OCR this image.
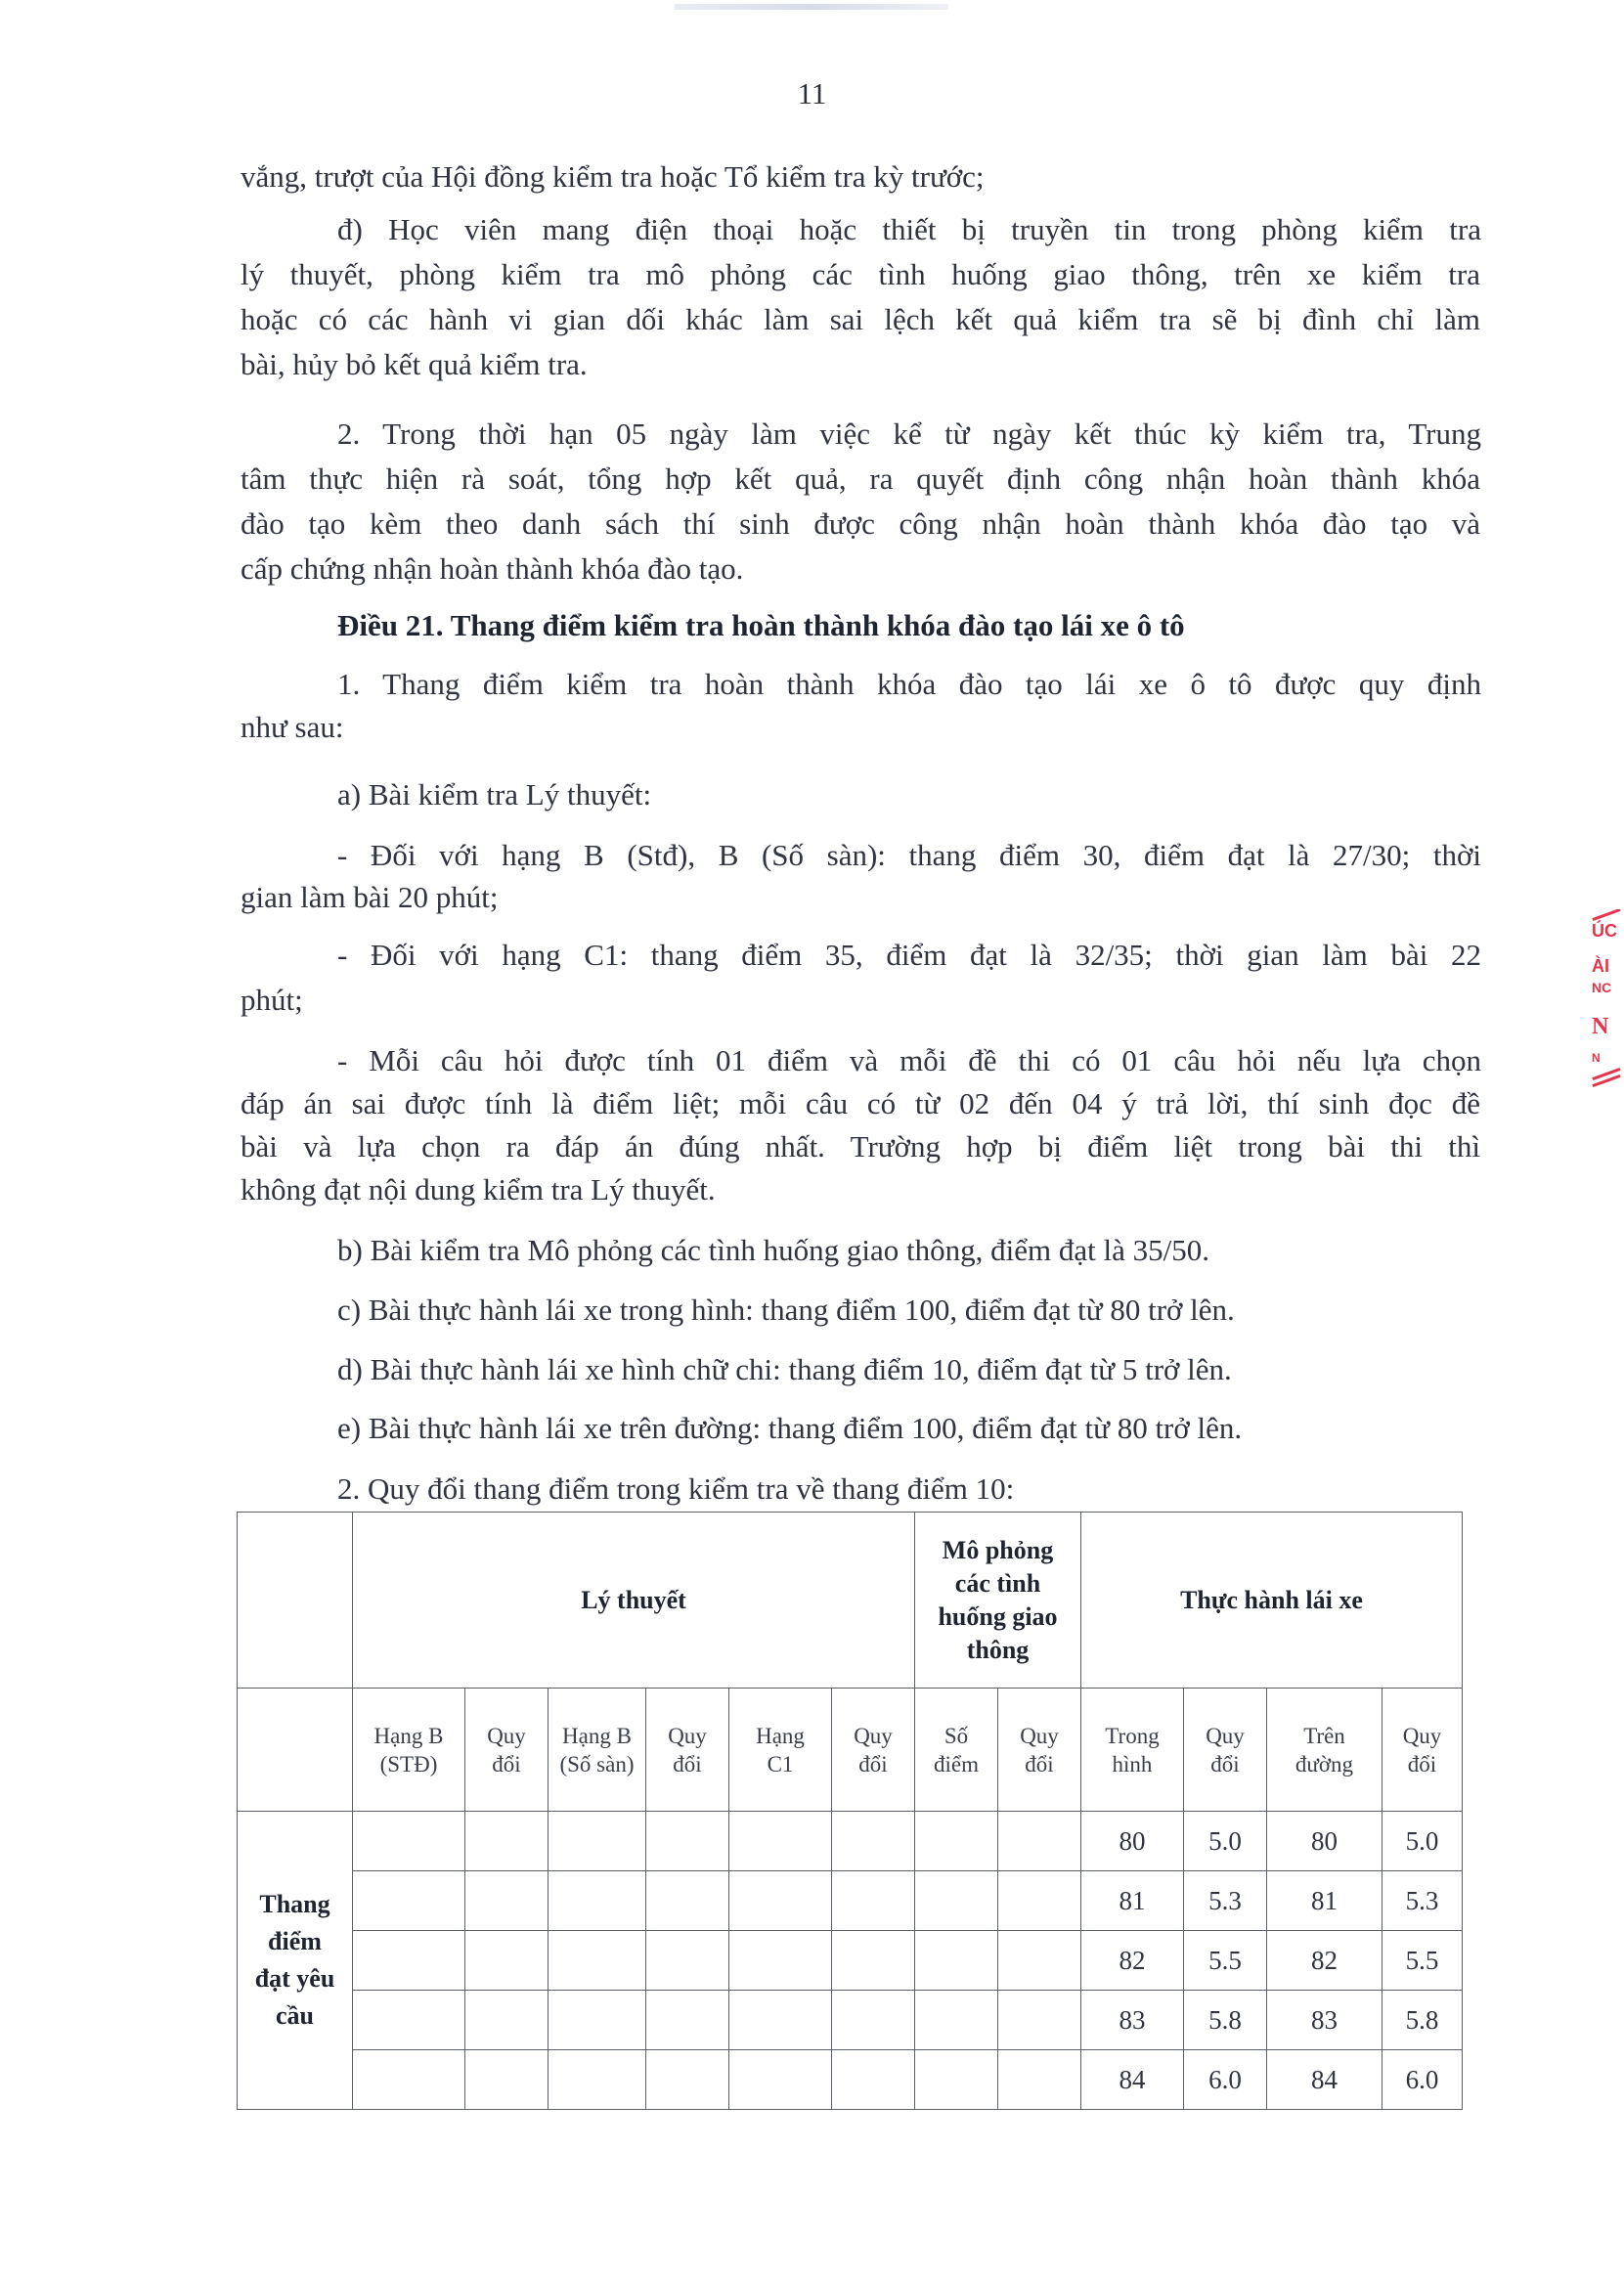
11
vắng, trượt của Hội đồng kiểm tra hoặc Tổ kiểm tra kỳ trước;
đ) Học viên mang điện thoại hoặc thiết bị truyền tin trong phòng kiểm tra
lý thuyết, phòng kiểm tra mô phỏng các tình huống giao thông, trên xe kiểm tra
hoặc có các hành vi gian dối khác làm sai lệch kết quả kiểm tra sẽ bị đình chỉ làm
bài, hủy bỏ kết quả kiểm tra.
2. Trong thời hạn 05 ngày làm việc kể từ ngày kết thúc kỳ kiểm tra, Trung
tâm thực hiện rà soát, tổng hợp kết quả, ra quyết định công nhận hoàn thành khóa
đào tạo kèm theo danh sách thí sinh được công nhận hoàn thành khóa đào tạo và
cấp chứng nhận hoàn thành khóa đào tạo.
Điều 21. Thang điểm kiểm tra hoàn thành khóa đào tạo lái xe ô tô
1. Thang điểm kiểm tra hoàn thành khóa đào tạo lái xe ô tô được quy định
như sau:
a) Bài kiểm tra Lý thuyết:
- Đối với hạng B (Stđ), B (Số sàn): thang điểm 30, điểm đạt là 27/30; thời
gian làm bài 20 phút;
- Đối với hạng C1: thang điểm 35, điểm đạt là 32/35; thời gian làm bài 22
phút;
- Mỗi câu hỏi được tính 01 điểm và mỗi đề thi có 01 câu hỏi nếu lựa chọn
đáp án sai được tính là điểm liệt; mỗi câu có từ 02 đến 04 ý trả lời, thí sinh đọc đề
bài và lựa chọn ra đáp án đúng nhất. Trường hợp bị điểm liệt trong bài thi thì
không đạt nội dung kiểm tra Lý thuyết.
b) Bài kiểm tra Mô phỏng các tình huống giao thông, điểm đạt là 35/50.
c) Bài thực hành lái xe trong hình: thang điểm 100, điểm đạt từ 80 trở lên.
d) Bài thực hành lái xe hình chữ chi: thang điểm 10, điểm đạt từ 5 trở lên.
e) Bài thực hành lái xe trên đường: thang điểm 100, điểm đạt từ 80 trở lên.
2. Quy đổi thang điểm trong kiểm tra về thang điểm 10:
	Lý thuyết						Mô phỏng các tình huống giao thông		Thực hành lái xe			
	Hạng B (STĐ)	Quy đổi	Hạng B (Số sàn)	Quy đổi	Hạng C1	Quy đổi	Số điểm	Quy đổi	Trong hình	Quy đổi	Trên đường	Quy đổi
Thang điểm đạt yêu cầu									80	5.0	80	5.0
									81	5.3	81	5.3
									82	5.5	82	5.5
									83	5.8	83	5.8
									84	6.0	84	6.0
ÚC
ÀI
NC
N
N
